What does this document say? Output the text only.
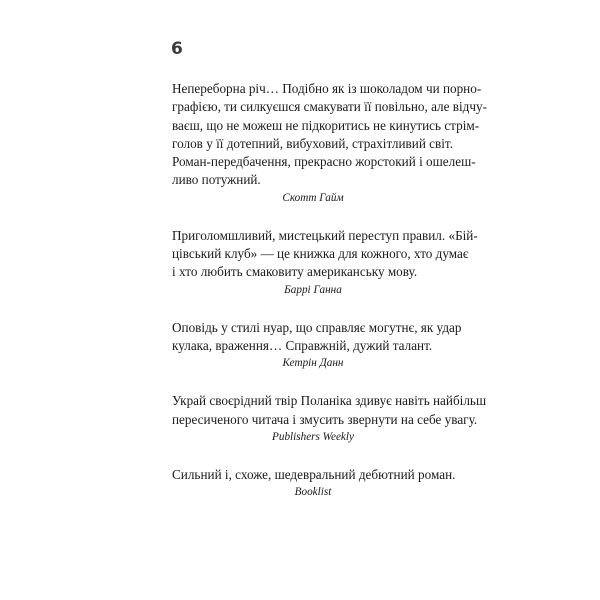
6

Непереборна річ… Подібно як із шоколадом чи порно-
графією, ти силкуєшся смакувати її повільно, але відчу-
ваєш, що не можеш не підкоритись не кинутись стрім-
голов у її дотепний, вибуховий, страхітливий світ.
Роман-передбачення, прекрасно жорстокий і ошелеш-
ливо потужний.

Скотт Гайм

Приголомшливий, мистецький переступ правил. «Бій-
цівський клуб» — це книжка для кожного, хто думає
і хто любить смаковиту американську мову.

Баррі Ганна

Оповідь у стилі нуар, що справляє могутнє, як удар
кулака, враження… Справжній, дужий талант.

Кетрін Данн

Украй своєрідний твір Поланіка здивує навіть найбільш
пересиченого читача і змусить звернути на себе увагу.

Publishers Weekly

Сильний і, схоже, шедевральний дебютний роман.

Booklist
